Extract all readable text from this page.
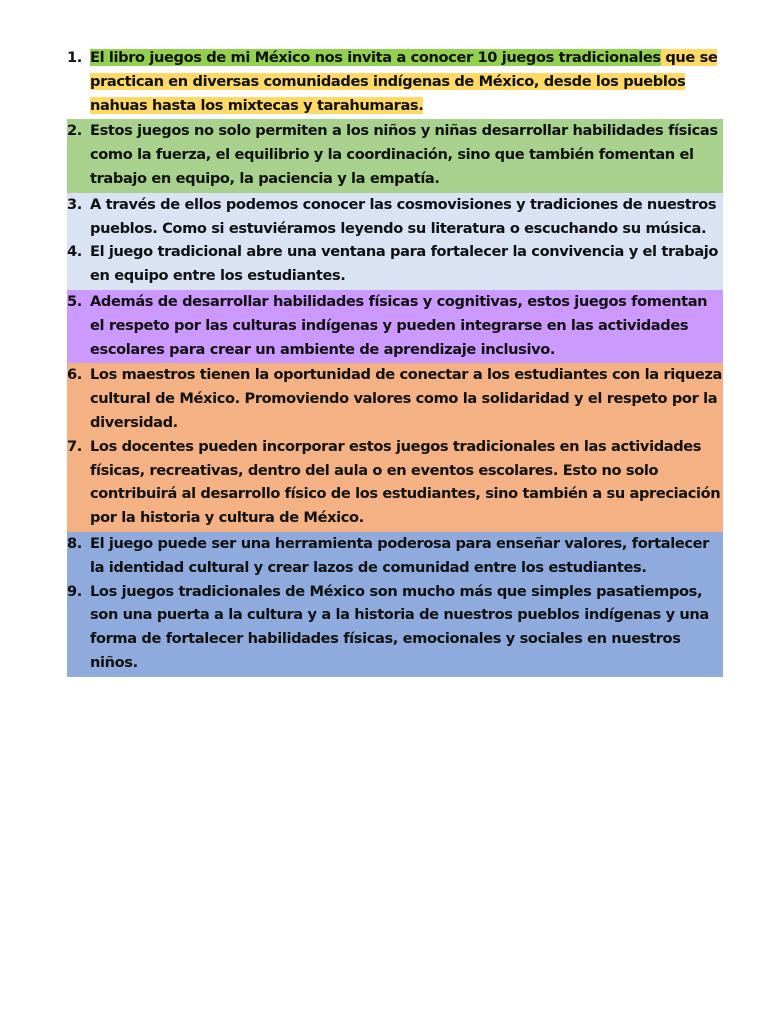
1. El libro juegos de mi México nos invita a conocer 10 juegos tradicionales que se practican en diversas comunidades indígenas de México, desde los pueblos nahuas hasta los mixtecas y tarahumaras.
2. Estos juegos no solo permiten a los niños y niñas desarrollar habilidades físicas como la fuerza, el equilibrio y la coordinación, sino que también fomentan el trabajo en equipo, la paciencia y la empatía.
3. A través de ellos podemos conocer las cosmovisiones y tradiciones de nuestros pueblos. Como si estuviéramos leyendo su literatura o escuchando su música.
4. El juego tradicional abre una ventana para fortalecer la convivencia y el trabajo en equipo entre los estudiantes.
5. Además de desarrollar habilidades físicas y cognitivas, estos juegos fomentan el respeto por las culturas indígenas y pueden integrarse en las actividades escolares para crear un ambiente de aprendizaje inclusivo.
6. Los maestros tienen la oportunidad de conectar a los estudiantes con la riqueza cultural de México. Promoviendo valores como la solidaridad y el respeto por la diversidad.
7. Los docentes pueden incorporar estos juegos tradicionales en las actividades físicas, recreativas, dentro del aula o en eventos escolares. Esto no solo contribuirá al desarrollo físico de los estudiantes, sino también a su apreciación por la historia y cultura de México.
8. El juego puede ser una herramienta poderosa para enseñar valores, fortalecer la identidad cultural y crear lazos de comunidad entre los estudiantes.
9. Los juegos tradicionales de México son mucho más que simples pasatiempos, son una puerta a la cultura y a la historia de nuestros pueblos indígenas y una forma de fortalecer habilidades físicas, emocionales y sociales en nuestros niños.
